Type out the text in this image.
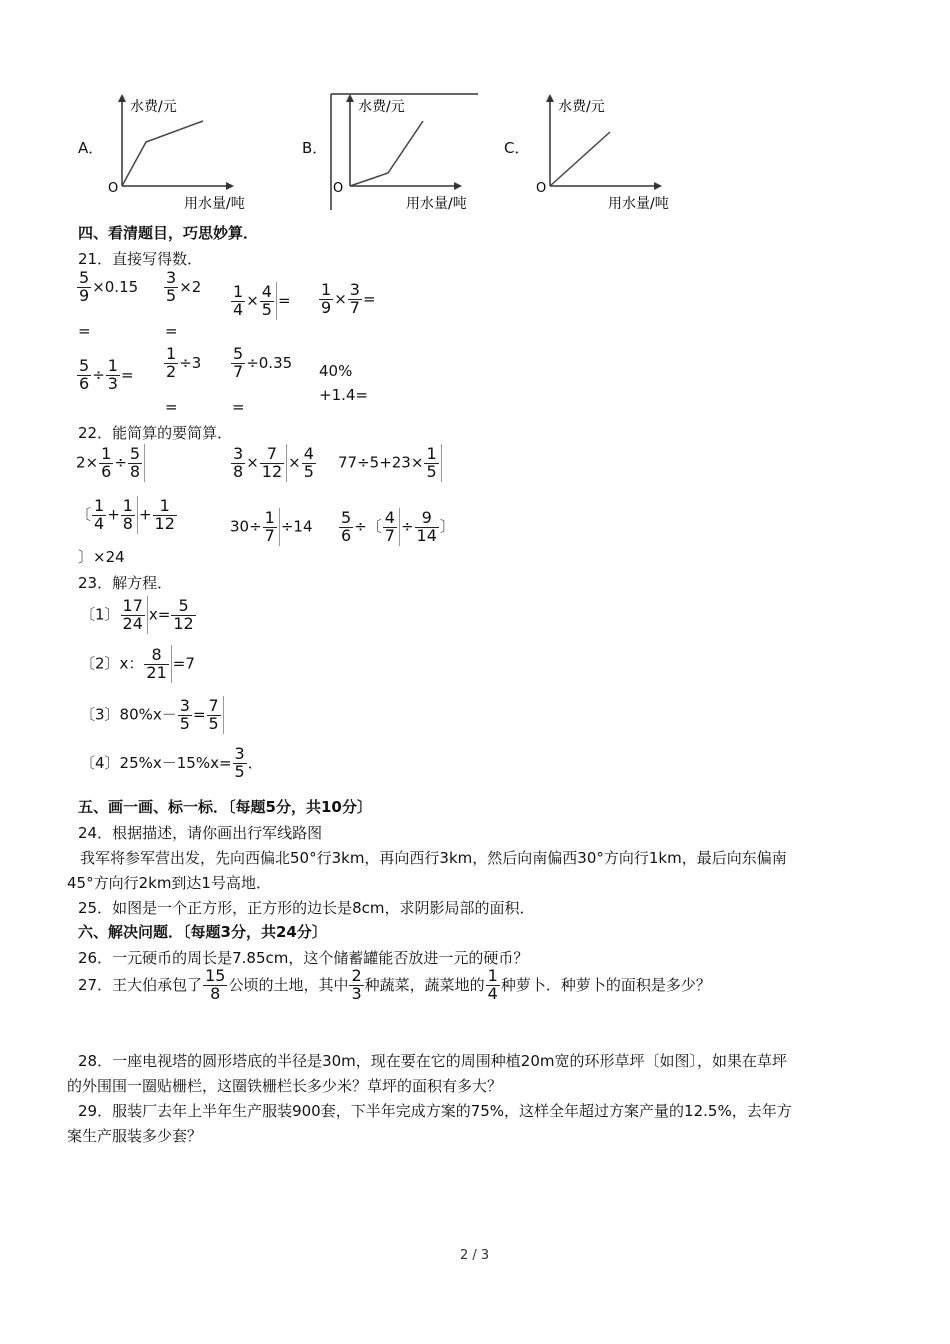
A．
水费/元
用水量/吨
O
B．
水费/元
用水量/吨
O
C．
水费/元
用水量/吨
O
四、看清题目，巧思妙算．
21．直接写得数．
$\frac{5}{9} \times 0.15$
=
$\frac{3}{5} \times 2$
=
$\frac{1}{4} \times \frac{4}{5} = \frac{1}{9} \times \frac{3}{7}$ =
$\frac{5}{6} \div \frac{1}{3} = \frac{1}{2} \div 3$
=
$\frac{5}{7} \div 0.35$
=
40%
+1.4=
22．能简算的要简算．
$2\times \frac{1}{6} \div \frac{5}{8}$	$\frac{3}{8} \times \frac{7}{12} \times \frac{4}{5} 77\div 5+23\times \frac{1}{5}$
〔 $\frac{1}{4} + \frac{1}{8} + \frac{1}{12}$
〕×24
$30\div \frac{1}{7} \div 14 \frac{5}{6}$ ÷〔 $\frac{4}{7} \div \frac{9}{14}$ 〕
23．解方程．
〔1〕 $\frac{17}{24} x= \frac{5}{12}$
〔2〕x： $\frac{8}{21} =7$
〔3〕$80\%x- \frac{3}{5} = \frac{7}{5}$
〔4〕$25\%x-15\%x= \frac{3}{5}$ ．
五、画一画、标一标．〔每题5分，共10分〕
24．根据描述，请你画出行军线路图
我军将参军营出发，先向西偏北50°行3km，再向西行3km，然后向南偏西30°方向行1km，最后向东偏南
45°方向行2km到达1号高地．
25．如图是一个正方形，正方形的边长是8cm，求阴影局部的面积．
六、解决问题．〔每题3分，共24分〕
26．一元硬币的周长是7.85cm，这个储蓄罐能否放进一元的硬币？
27．王大伯承包了 $\frac{15}{8}$ 公顷的土地，其中 $\frac{2}{3}$ 种蔬菜，蔬菜地的 $\frac{1}{4}$ 种萝卜．种萝卜的面积是多少？
28．一座电视塔的圆形塔底的半径是30m，现在要在它的周围种植20m宽的环形草坪〔如图〕，如果在草坪
的外围围一圈贴栅栏，这圈铁栅栏长多少米？草坪的面积有多大？
29．服装厂去年上半年生产服装900套，下半年完成方案的75%，这样全年超过方案产量的12.5%，去年方
案生产服装多少套？
2 / 3
